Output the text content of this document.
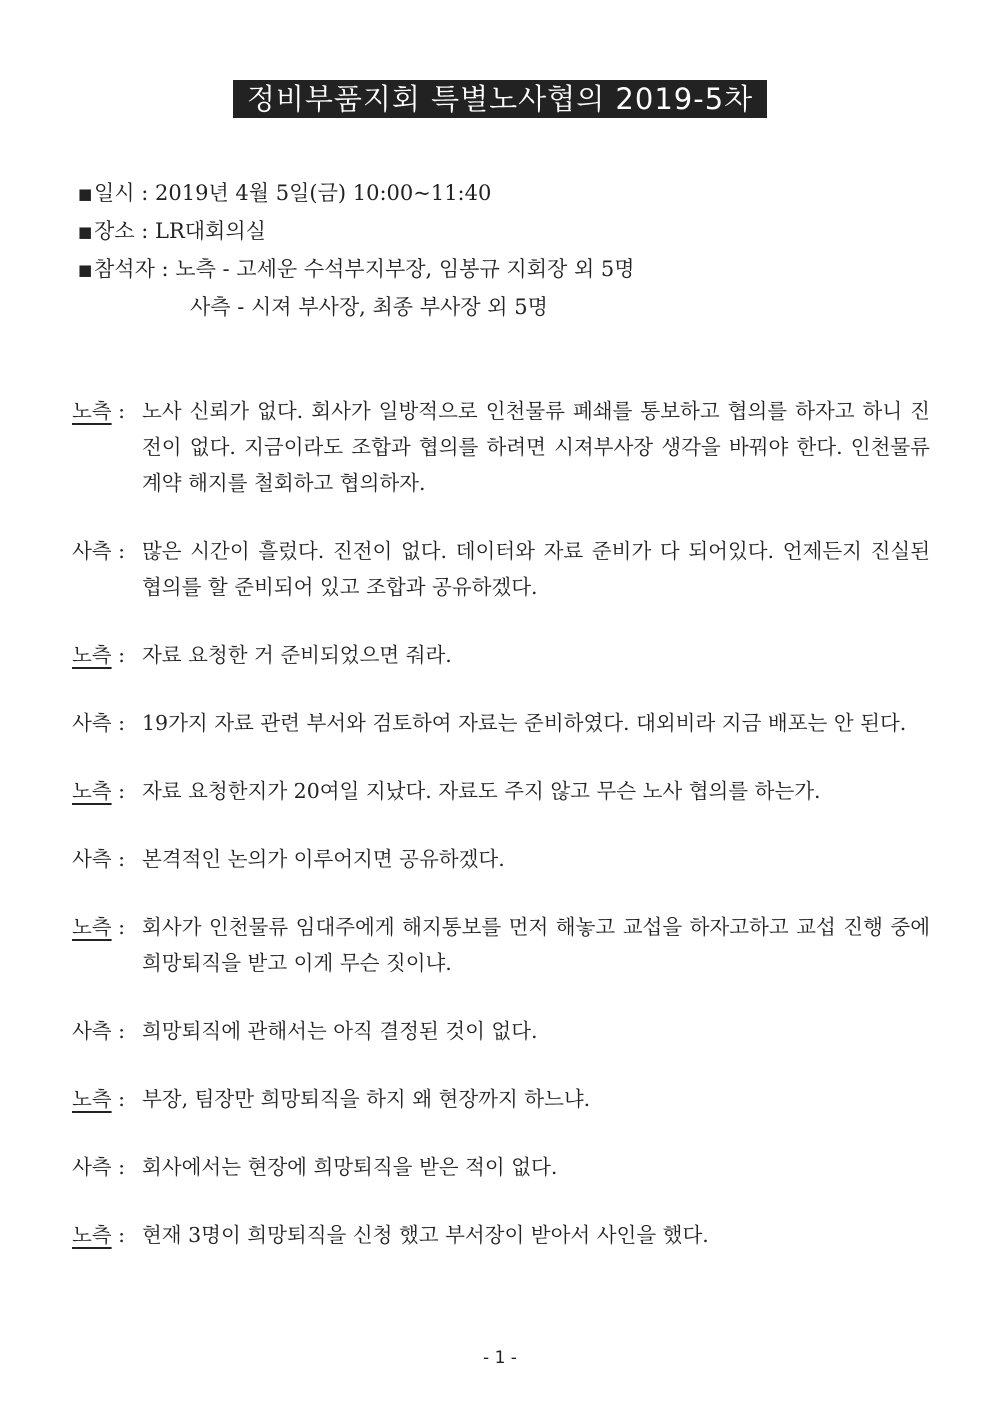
정비부품지회 특별노사협의 2019-5차
■일시 : 2019년 4월 5일(금) 10:00~11:40
■장소 : LR대회의실
■참석자 : 노측 - 고세운 수석부지부장, 임봉규 지회장 외 5명
사측 - 시져 부사장, 최종 부사장 외 5명
노측 : 노사 신뢰가 없다. 회사가 일방적으로 인천물류 폐쇄를 통보하고 협의를 하자고 하니 진전이 없다. 지금이라도 조합과 협의를 하려면 시져부사장 생각을 바꿔야 한다. 인천물류 계약 해지를 철회하고 협의하자.
사측 : 많은 시간이 흘렀다. 진전이 없다. 데이터와 자료 준비가 다 되어있다. 언제든지 진실된 협의를 할 준비되어 있고 조합과 공유하겠다.
노측 : 자료 요청한 거 준비되었으면 줘라.
사측 : 19가지 자료 관련 부서와 검토하여 자료는 준비하였다. 대외비라 지금 배포는 안 된다.
노측 : 자료 요청한지가 20여일 지났다. 자료도 주지 않고 무슨 노사 협의를 하는가.
사측 : 본격적인 논의가 이루어지면 공유하겠다.
노측 : 회사가 인천물류 임대주에게 해지통보를 먼저 해놓고 교섭을 하자고하고 교섭 진행 중에 희망퇴직을 받고 이게 무슨 짓이냐.
사측 : 희망퇴직에 관해서는 아직 결정된 것이 없다.
노측 : 부장, 팀장만 희망퇴직을 하지 왜 현장까지 하느냐.
사측 : 회사에서는 현장에 희망퇴직을 받은 적이 없다.
노측 : 현재 3명이 희망퇴직을 신청 했고 부서장이 받아서 사인을 했다.
- 1 -
